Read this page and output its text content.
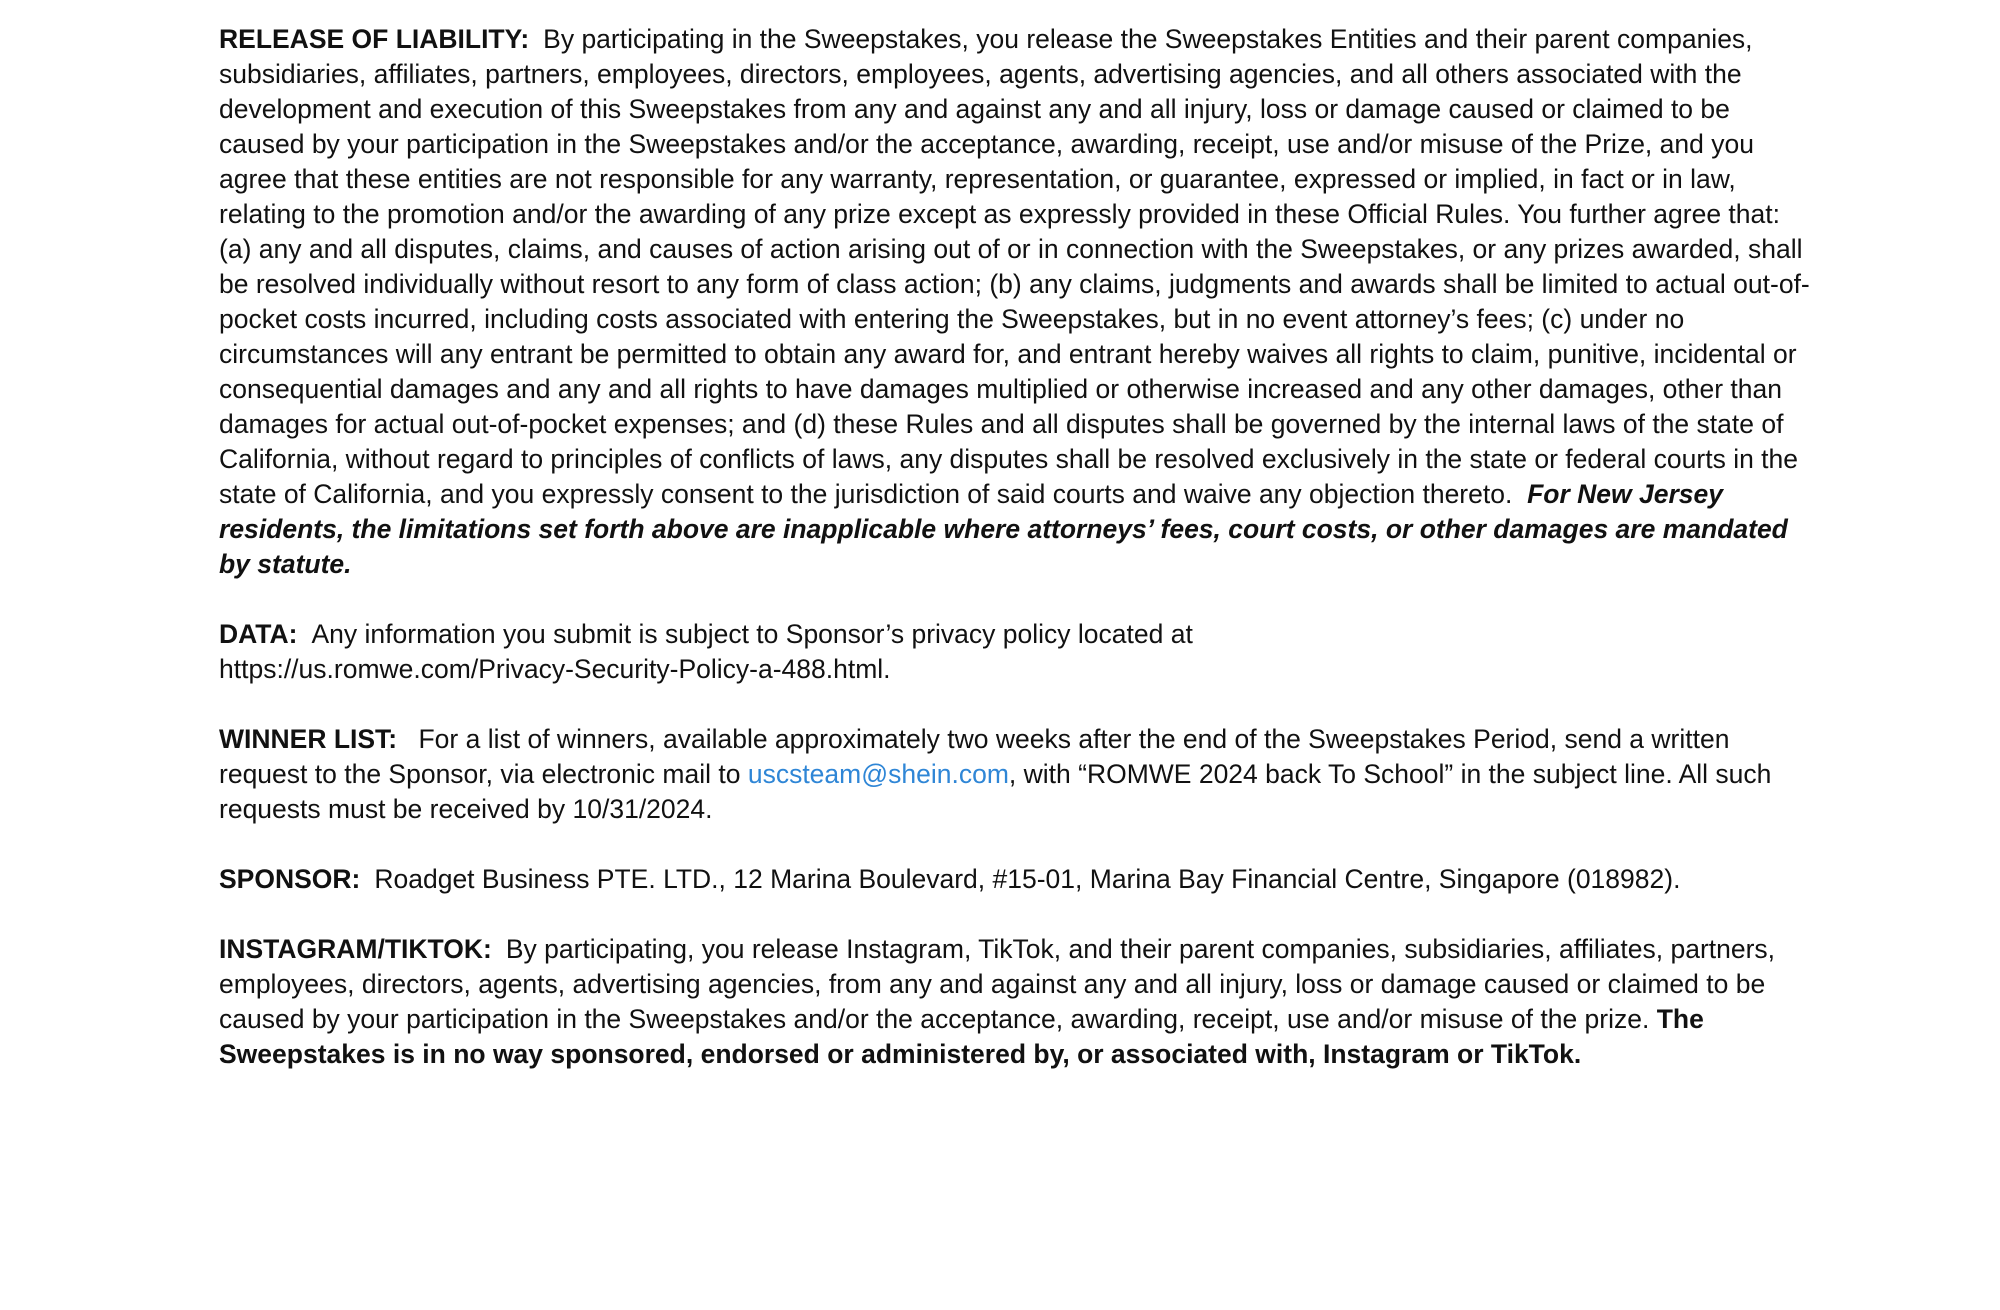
RELEASE OF LIABILITY: By participating in the Sweepstakes, you release the Sweepstakes Entities and their parent companies, subsidiaries, affiliates, partners, employees, directors, employees, agents, advertising agencies, and all others associated with the development and execution of this Sweepstakes from any and against any and all injury, loss or damage caused or claimed to be caused by your participation in the Sweepstakes and/or the acceptance, awarding, receipt, use and/or misuse of the Prize, and you agree that these entities are not responsible for any warranty, representation, or guarantee, expressed or implied, in fact or in law, relating to the promotion and/or the awarding of any prize except as expressly provided in these Official Rules. You further agree that: (a) any and all disputes, claims, and causes of action arising out of or in connection with the Sweepstakes, or any prizes awarded, shall be resolved individually without resort to any form of class action; (b) any claims, judgments and awards shall be limited to actual out-of-pocket costs incurred, including costs associated with entering the Sweepstakes, but in no event attorney’s fees; (c) under no circumstances will any entrant be permitted to obtain any award for, and entrant hereby waives all rights to claim, punitive, incidental or consequential damages and any and all rights to have damages multiplied or otherwise increased and any other damages, other than damages for actual out-of-pocket expenses; and (d) these Rules and all disputes shall be governed by the internal laws of the state of California, without regard to principles of conflicts of laws, any disputes shall be resolved exclusively in the state or federal courts in the state of California, and you expressly consent to the jurisdiction of said courts and waive any objection thereto. For New Jersey residents, the limitations set forth above are inapplicable where attorneys’ fees, court costs, or other damages are mandated by statute.

DATA: Any information you submit is subject to Sponsor’s privacy policy located at
https://us.romwe.com/Privacy-Security-Policy-a-488.html.

WINNER LIST: For a list of winners, available approximately two weeks after the end of the Sweepstakes Period, send a written request to the Sponsor, via electronic mail to uscsteam@shein.com, with “ROMWE 2024 back To School” in the subject line. All such requests must be received by 10/31/2024.

SPONSOR: Roadget Business PTE. LTD., 12 Marina Boulevard, #15-01, Marina Bay Financial Centre, Singapore (018982).

INSTAGRAM/TIKTOK: By participating, you release Instagram, TikTok, and their parent companies, subsidiaries, affiliates, partners, employees, directors, agents, advertising agencies, from any and against any and all injury, loss or damage caused or claimed to be caused by your participation in the Sweepstakes and/or the acceptance, awarding, receipt, use and/or misuse of the prize. The Sweepstakes is in no way sponsored, endorsed or administered by, or associated with, Instagram or TikTok.
